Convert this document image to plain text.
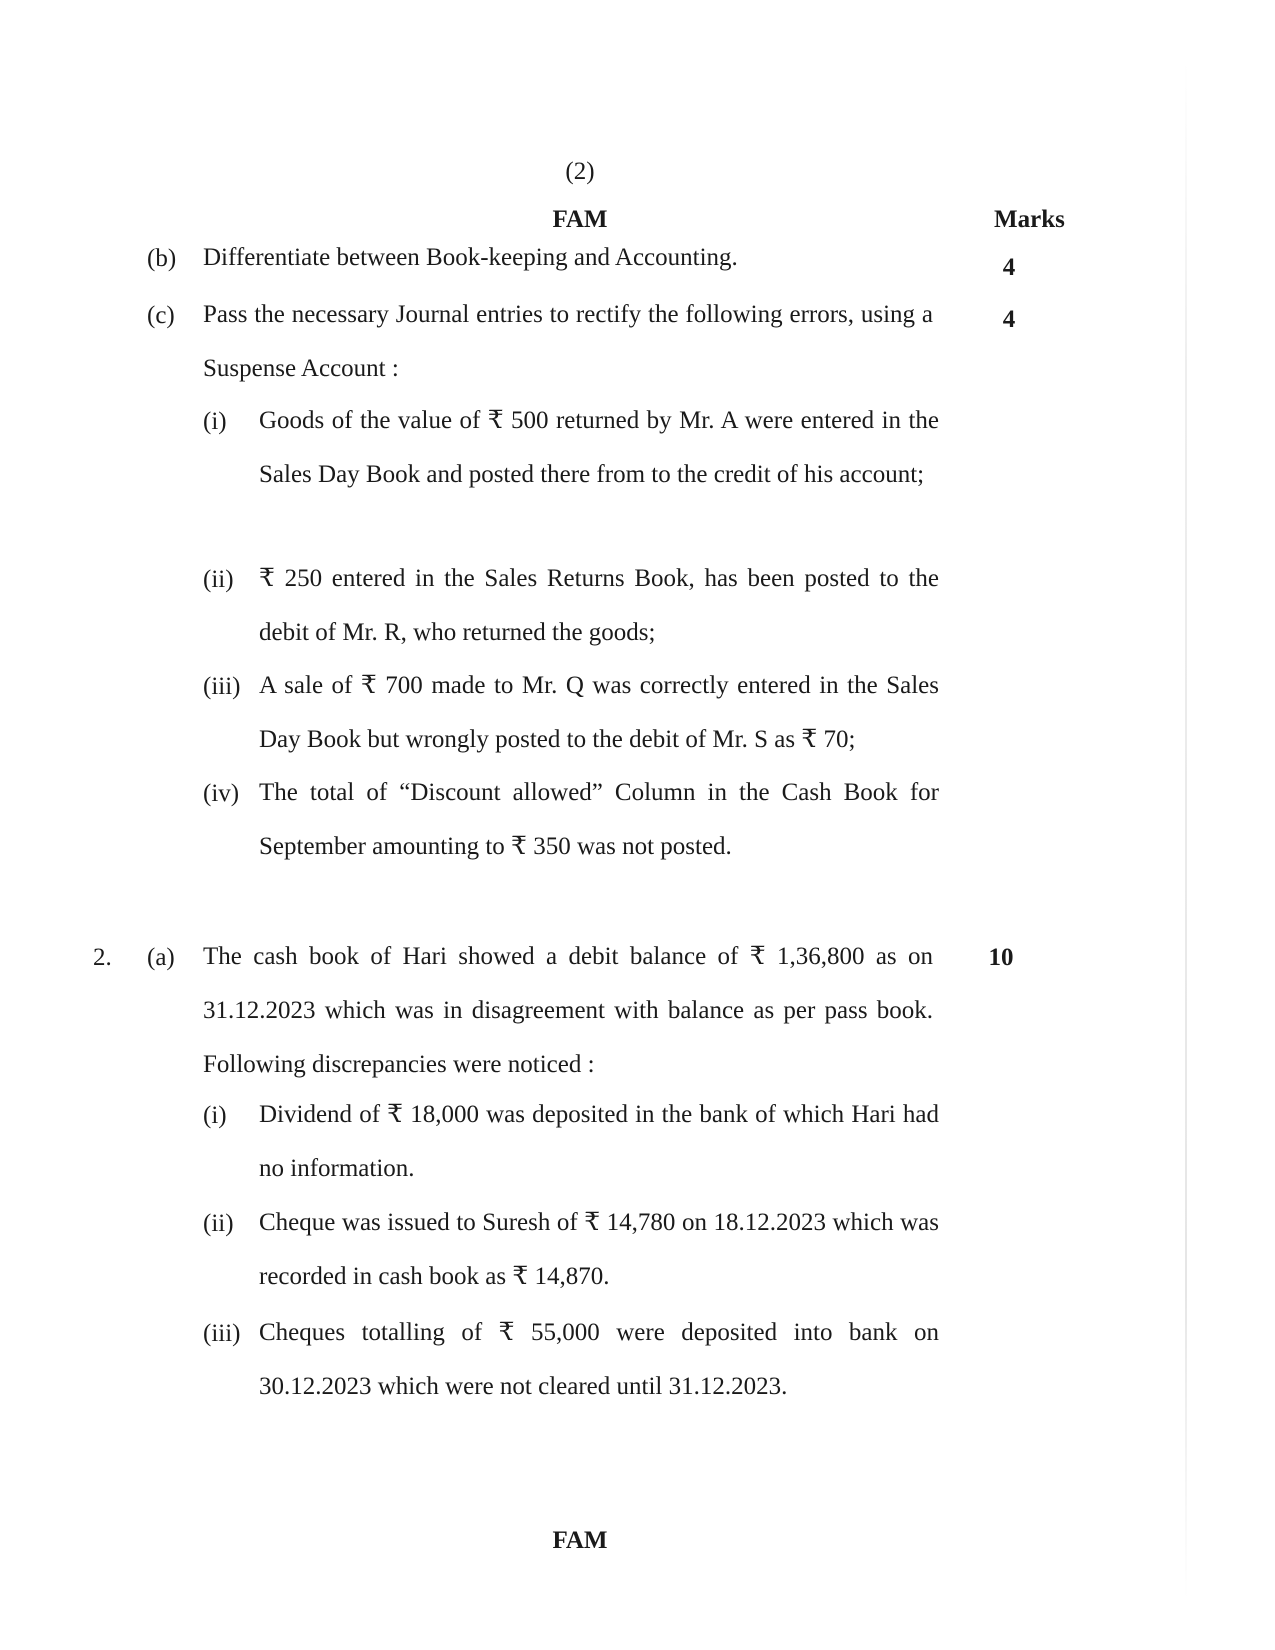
(2)
FAM	Marks
(b) Differentiate between Book-keeping and Accounting.	4
(c) Pass the necessary Journal entries to rectify the following errors, using a Suspense Account :
4
(i) Goods of the value of ₹ 500 returned by Mr. A were entered in the Sales Day Book and posted there from to the credit of his account;
(ii) ₹ 250 entered in the Sales Returns Book, has been posted to the debit of Mr. R, who returned the goods;
(iii) A sale of ₹ 700 made to Mr. Q was correctly entered in the Sales Day Book but wrongly posted to the debit of Mr. S as ₹ 70;
(iv) The total of “Discount allowed” Column in the Cash Book for September amounting to ₹ 350 was not posted.
2. (a) The cash book of Hari showed a debit balance of ₹ 1,36,800 as on 31.12.2023 which was in disagreement with balance as per pass book. Following discrepancies were noticed :
10
(i) Dividend of ₹ 18,000 was deposited in the bank of which Hari had no information.
(ii) Cheque was issued to Suresh of ₹ 14,780 on 18.12.2023 which was recorded in cash book as ₹ 14,870.
(iii) Cheques totalling of ₹ 55,000 were deposited into bank on 30.12.2023 which were not cleared until 31.12.2023.
FAM
